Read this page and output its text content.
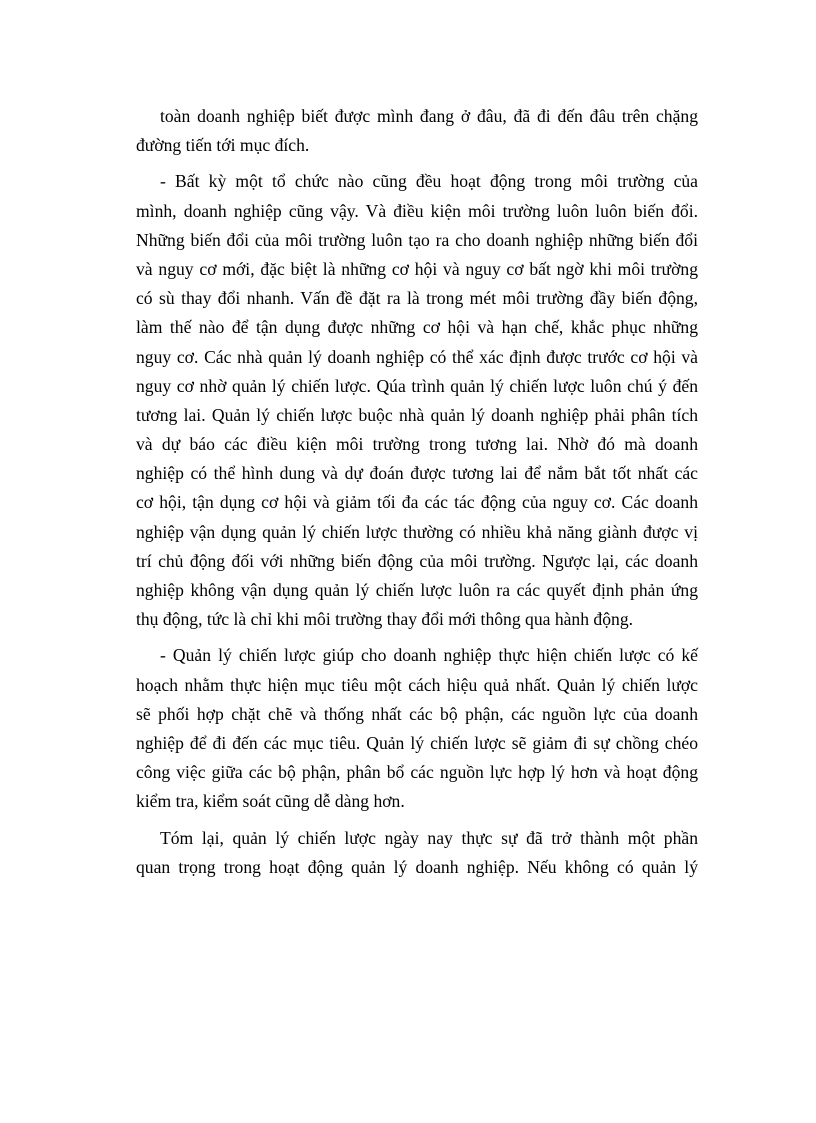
toàn doanh nghiệp biết được mình đang ở đâu, đã đi đến đâu trên chặng
đường tiến tới mục đích.
- Bất kỳ một tổ chức nào cũng đều hoạt động trong môi trường của
mình, doanh nghiệp cũng vậy. Và điều kiện môi trường luôn luôn biến đổi.
Những biến đổi của môi trường luôn tạo ra cho doanh nghiệp những biến đổi
và nguy cơ mới, đặc biệt là những cơ hội và nguy cơ bất ngờ khi môi trường
có sù thay đổi nhanh. Vấn đề đặt ra là trong mét môi trường đầy biến động,
làm thế nào để tận dụng được những cơ hội và hạn chế, khắc phục những
nguy cơ. Các nhà quản lý doanh nghiệp có thể xác định được trước cơ hội và
nguy cơ nhờ quản lý chiến lược. Qúa trình quản lý chiến lược luôn chú ý đến
tương lai. Quản lý chiến lược buộc nhà quản lý doanh nghiệp phải phân tích
và dự báo các điều kiện môi trường trong tương lai. Nhờ đó mà doanh
nghiệp có thể hình dung và dự đoán được tương lai để nắm bắt tốt nhất các
cơ hội, tận dụng cơ hội và giảm tối đa các tác động của nguy cơ. Các doanh
nghiệp vận dụng quản lý chiến lược thường có nhiều khả năng giành được vị
trí chủ động đối với những biến động của môi trường. Ngược lại, các doanh
nghiệp không vận dụng quản lý chiến lược luôn ra các quyết định phản ứng
thụ động, tức là chỉ khi môi trường thay đổi mới thông qua hành động.
- Quản lý chiến lược giúp cho doanh nghiệp thực hiện chiến lược có kế
hoạch nhằm thực hiện mục tiêu một cách hiệu quả nhất. Quản lý chiến lược
sẽ phối hợp chặt chẽ và thống nhất các bộ phận, các nguồn lực của doanh
nghiệp để đi đến các mục tiêu. Quản lý chiến lược sẽ giảm đi sự chồng chéo
công việc giữa các bộ phận, phân bổ các nguồn lực hợp lý hơn và hoạt động
kiểm tra, kiểm soát cũng dễ dàng hơn.
Tóm lại, quản lý chiến lược ngày nay thực sự đã trở thành một phần
quan trọng trong hoạt động quản lý doanh nghiệp. Nếu không có quản lý
